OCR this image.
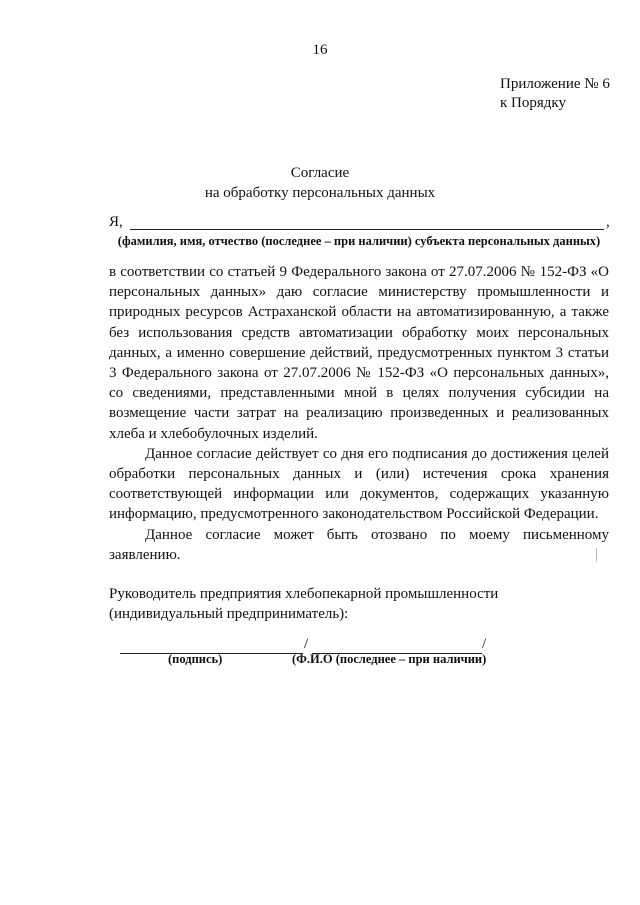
16
Приложение № 6
к Порядку
Согласие
на обработку персональных данных
Я,	,
(фамилия, имя, отчество (последнее – при наличии) субъекта персональных данных)

в соответствии со статьей 9 Федерального закона от 27.07.2006 № 152-ФЗ «О персональных данных» даю согласие министерству промышленности и природных ресурсов Астраханской области на автоматизированную, а также без использования средств автоматизации обработку моих персональных данных, а именно совершение действий, предусмотренных пунктом 3 статьи 3 Федерального закона от 27.07.2006 № 152-ФЗ «О персональных данных», со сведениями, представленными мной в целях получения субсидии на возмещение части затрат на реализацию произведенных и реализованных хлеба и хлебобулочных изделий.

Данное согласие действует со дня его подписания до достижения целей обработки персональных данных и (или) истечения срока хранения соответствующей информации или документов, содержащих указанную информацию, предусмотренного законодательством Российской Федерации.

Данное согласие может быть отозвано по моему письменному заявлению.

Руководитель предприятия хлебопекарной промышленности
(индивидуальный предприниматель):
/	/
(подпись)	(Ф.И.О (последнее – при наличии)
